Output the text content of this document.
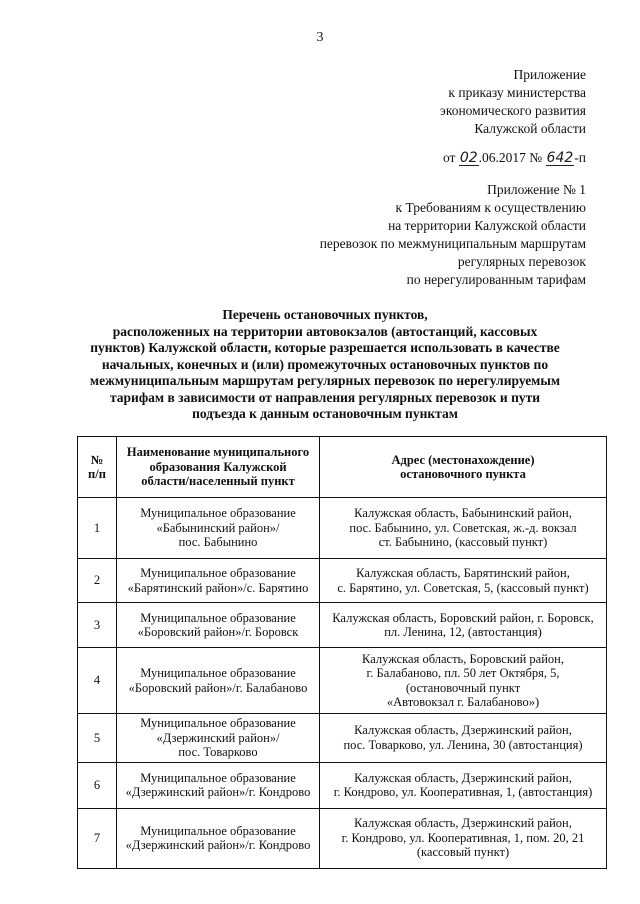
3
Приложение
к приказу министерства
экономического развития
Калужской области
от 02.06.2017 № 642-п
Приложение № 1
к Требованиям к осуществлению
на территории Калужской области
перевозок по межмуниципальным маршрутам
регулярных перевозок
по нерегулированным тарифам
Перечень остановочных пунктов,
расположенных на территории автовокзалов (автостанций, кассовых
пунктов) Калужской области, которые разрешается использовать в качестве
начальных, конечных и (или) промежуточных остановочных пунктов по
межмуниципальным маршрутам регулярных перевозок по нерегулируемым
тарифам в зависимости от направления регулярных перевозок и пути
подъезда к данным остановочным пунктам
№
п/п	Наименование муниципального
образования Калужской
области/населенный пункт	Адрес (местонахождение)
остановочного пункта
1	Муниципальное образование
«Бабынинский район»/
пос. Бабынино	Калужская область, Бабынинский район,
пос. Бабынино, ул. Советская, ж.-д. вокзал
ст. Бабынино, (кассовый пункт)
2	Муниципальное образование
«Барятинский район»/с. Барятино	Калужская область, Барятинский район,
с. Барятино, ул. Советская, 5, (кассовый пункт)
3	Муниципальное образование
«Боровский район»/г. Боровск	Калужская область, Боровский район, г. Боровск,
пл. Ленина, 12, (автостанция)
4	Муниципальное образование
«Боровский район»/г. Балабаново	Калужская область, Боровский район,
г. Балабаново, пл. 50 лет Октября, 5,
(остановочный пункт
«Автовокзал г. Балабаново»)
5	Муниципальное образование
«Дзержинский район»/
пос. Товарково	Калужская область, Дзержинский район,
пос. Товарково, ул. Ленина, 30 (автостанция)
6	Муниципальное образование
«Дзержинский район»/г. Кондрово	Калужская область, Дзержинский район,
г. Кондрово, ул. Кооперативная, 1, (автостанция)
7	Муниципальное образование
«Дзержинский район»/г. Кондрово	Калужская область, Дзержинский район,
г. Кондрово, ул. Кооперативная, 1, пом. 20, 21
(кассовый пункт)
